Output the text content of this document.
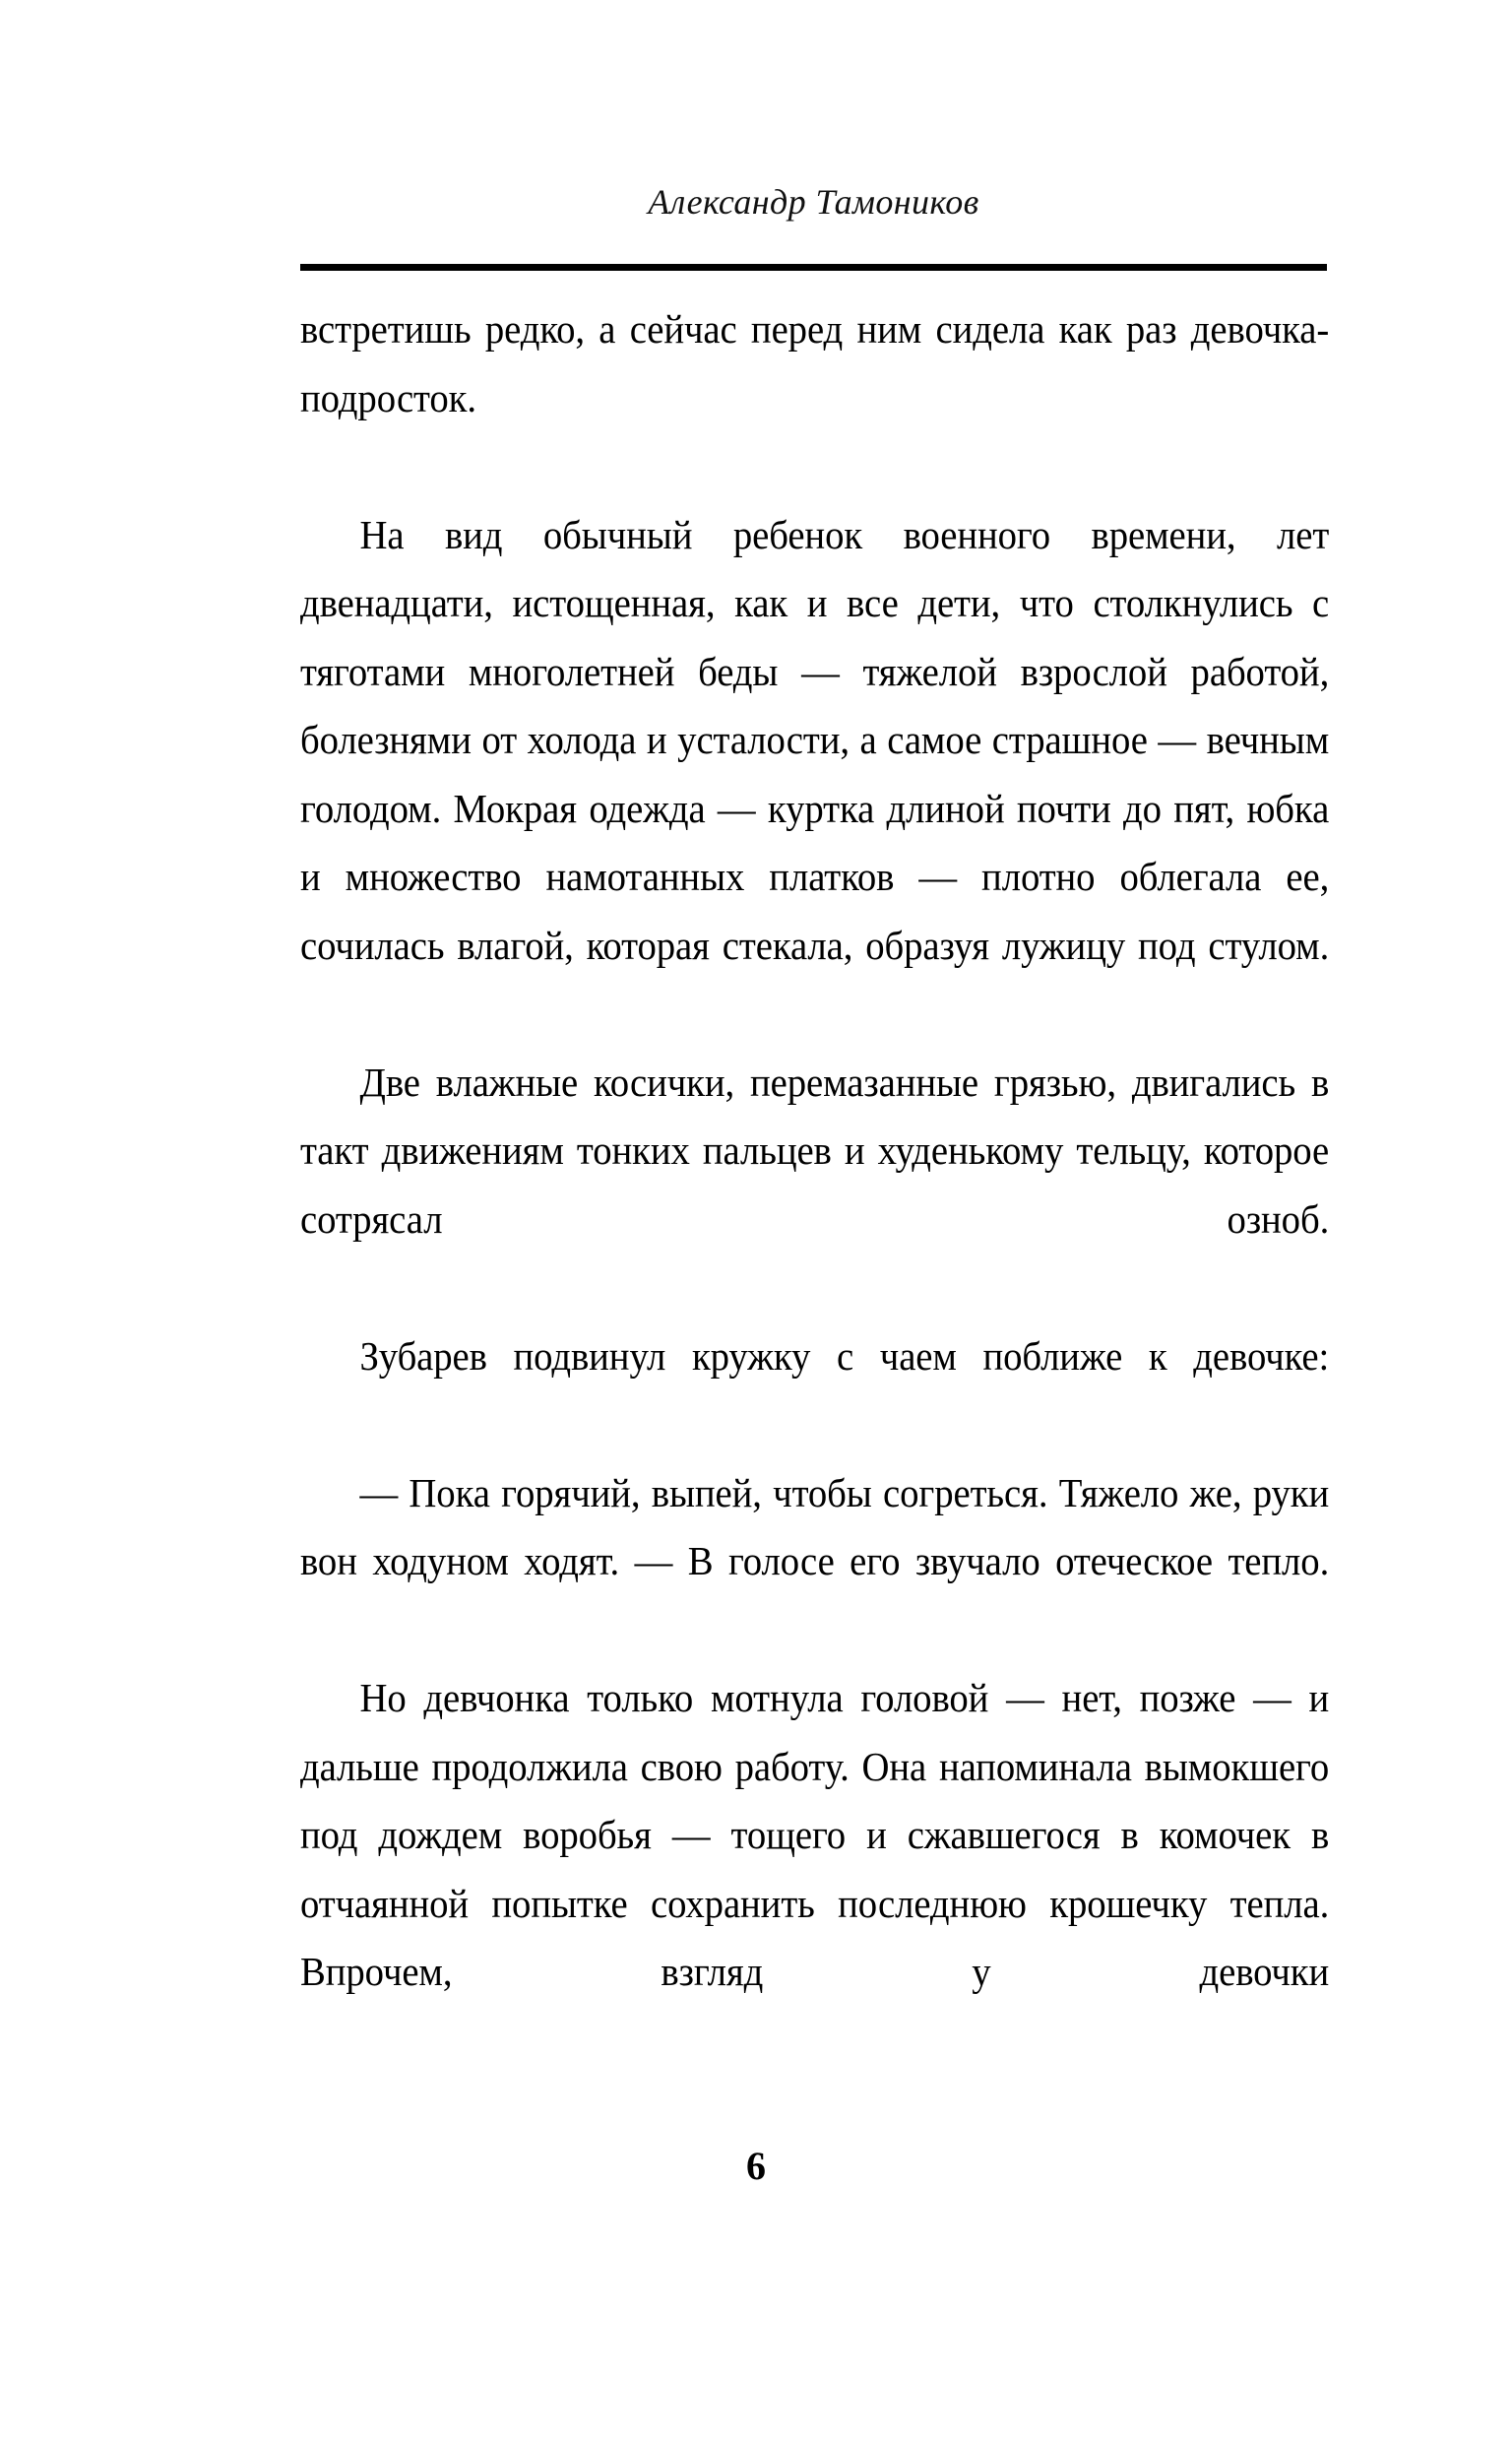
Александр Тамоников

встретишь редко, а сейчас перед ним сидела как раз девочка-подросток.

На вид обычный ребенок военного времени, лет двенадцати, истощенная, как и все дети, что столкнулись с тяготами многолетней беды — тяжелой взрослой работой, болезнями от холода и усталости, а самое страшное — вечным голодом. Мокрая одежда — куртка длиной почти до пят, юбка и множество намотанных платков — плотно облегала ее, сочилась влагой, которая стекала, образуя лужицу под стулом.

Две влажные косички, перемазанные грязью, двигались в такт движениям тонких пальцев и худенькому тельцу, которое сотрясал озноб.

Зубарев подвинул кружку с чаем поближе к девочке:

— Пока горячий, выпей, чтобы согреться. Тяжело же, руки вон ходуном ходят. — В голосе его звучало отеческое тепло.

Но девчонка только мотнула головой — нет, позже — и дальше продолжила свою работу. Она напоминала вымокшего под дождем воробья — тощего и сжавшегося в комочек в отчаянной попытке сохранить последнюю крошечку тепла. Впрочем, взгляд у девочки

6
